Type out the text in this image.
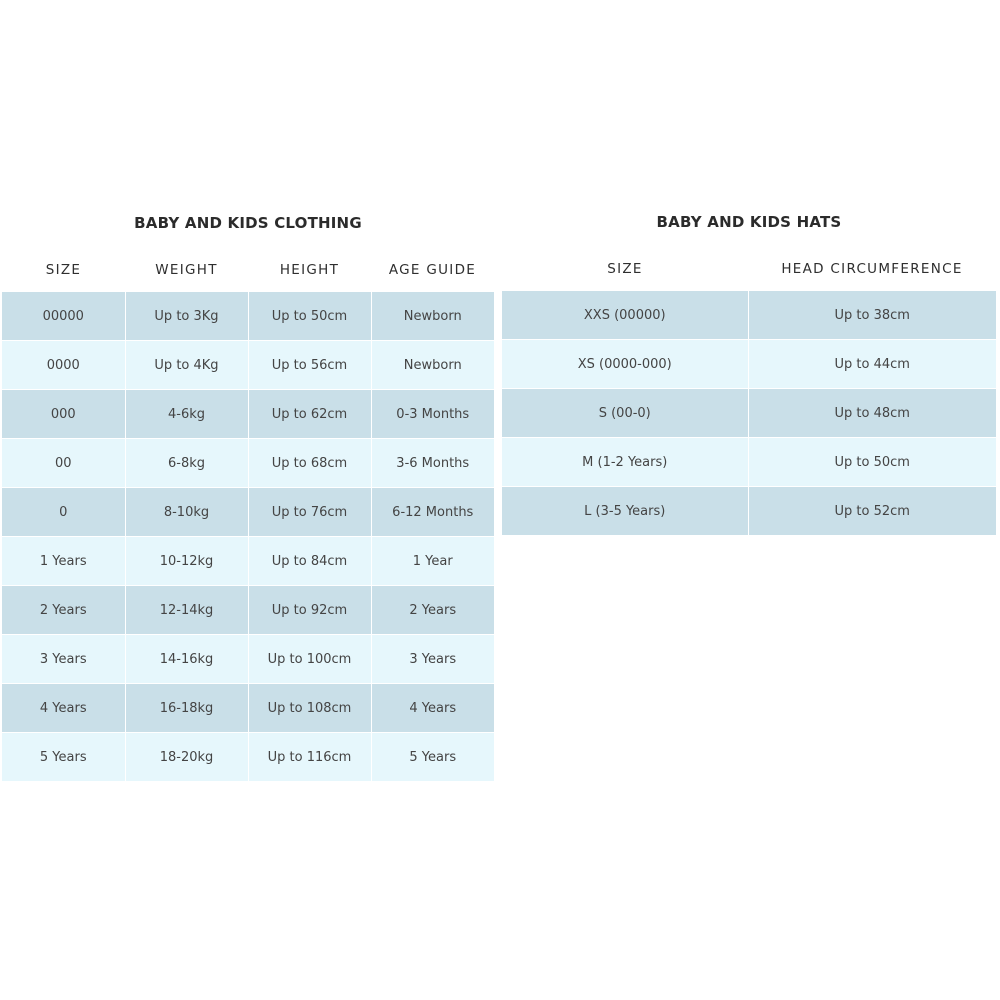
BABY AND KIDS CLOTHING
SIZE	WEIGHT	HEIGHT	AGE GUIDE
00000	Up to 3Kg	Up to 50cm	Newborn
0000	Up to 4Kg	Up to 56cm	Newborn
000	4-6kg	Up to 62cm	0-3 Months
00	6-8kg	Up to 68cm	3-6 Months
0	8-10kg	Up to 76cm	6-12 Months
1 Years	10-12kg	Up to 84cm	1 Year
2 Years	12-14kg	Up to 92cm	2 Years
3 Years	14-16kg	Up to 100cm	3 Years
4 Years	16-18kg	Up to 108cm	4 Years
5 Years	18-20kg	Up to 116cm	5 Years
BABY AND KIDS HATS
SIZE	HEAD CIRCUMFERENCE
XXS (00000)	Up to 38cm
XS (0000-000)	Up to 44cm
S (00-0)	Up to 48cm
M (1-2 Years)	Up to 50cm
L (3-5 Years)	Up to 52cm
